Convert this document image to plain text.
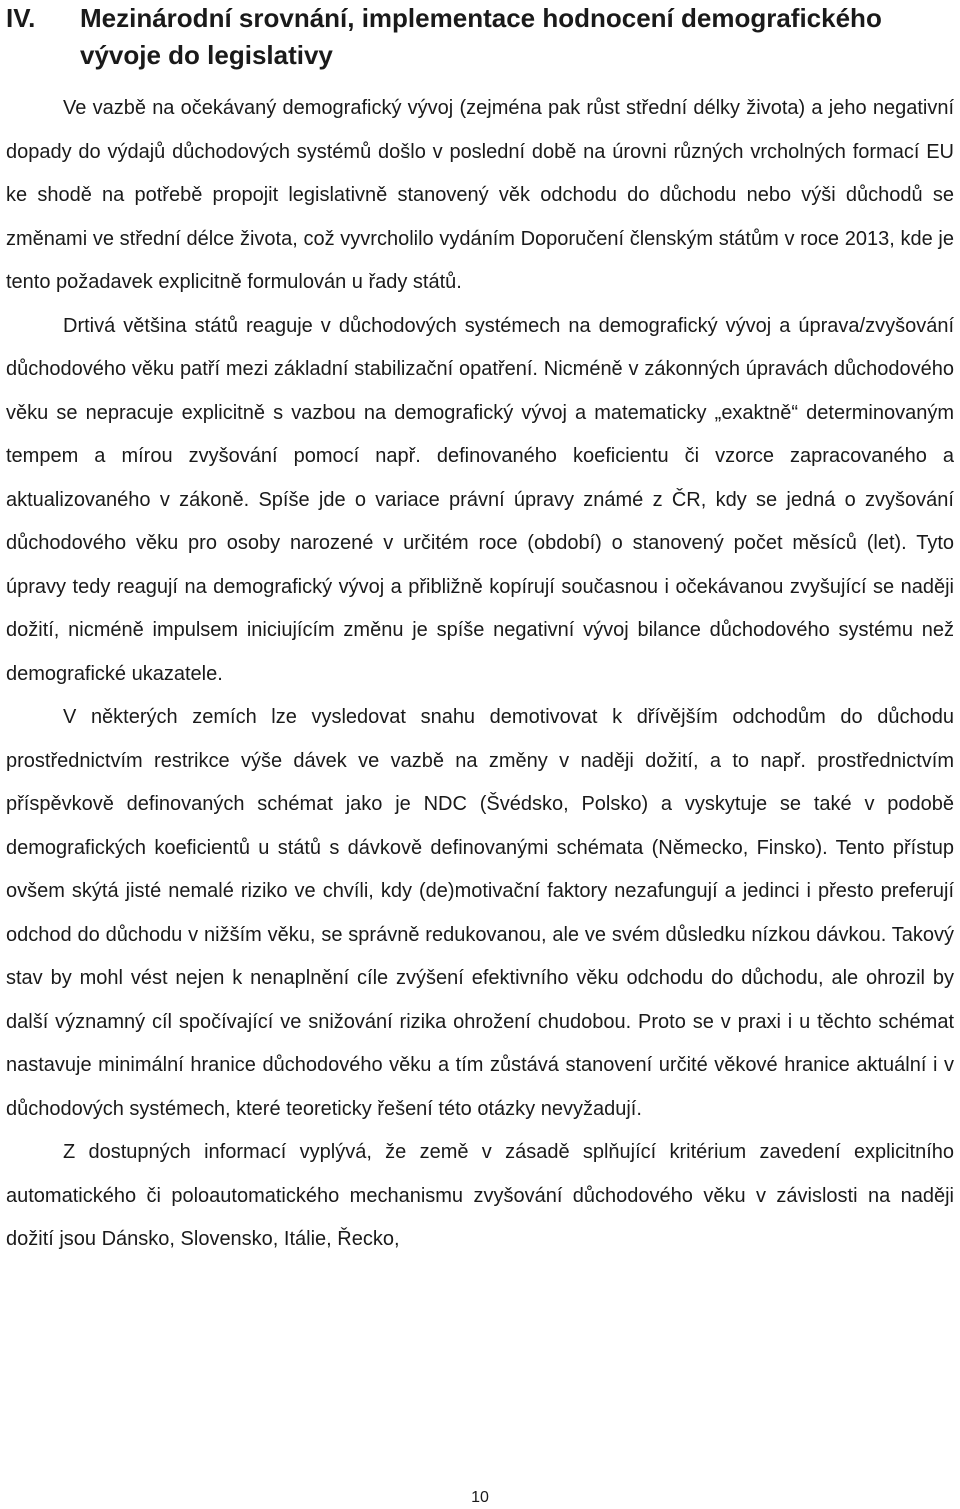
IV.	Mezinárodní srovnání, implementace hodnocení demografického vývoje do legislativy

Ve vazbě na očekávaný demografický vývoj (zejména pak růst střední délky života) a jeho negativní dopady do výdajů důchodových systémů došlo v poslední době na úrovni různých vrcholných formací EU ke shodě na potřebě propojit legislativně stanovený věk odchodu do důchodu nebo výši důchodů se změnami ve střední délce života, což vyvrcholilo vydáním Doporučení členským státům v roce 2013, kde je tento požadavek explicitně formulován u řady států.

Drtivá většina států reaguje v důchodových systémech na demografický vývoj a úprava/zvyšování důchodového věku patří mezi základní stabilizační opatření. Nicméně v zákonných úpravách důchodového věku se nepracuje explicitně s vazbou na demografický vývoj a matematicky „exaktně“ determinovaným tempem a mírou zvyšování pomocí např. definovaného koeficientu či vzorce zapracovaného a aktualizovaného v zákoně. Spíše jde o variace právní úpravy známé z ČR, kdy se jedná o zvyšování důchodového věku pro osoby narozené v určitém roce (období) o stanovený počet měsíců (let). Tyto úpravy tedy reagují na demografický vývoj a přibližně kopírují současnou i očekávanou zvyšující se naději dožití, nicméně impulsem iniciujícím změnu je spíše negativní vývoj bilance důchodového systému než demografické ukazatele.

V některých zemích lze vysledovat snahu demotivovat k dřívějším odchodům do důchodu prostřednictvím restrikce výše dávek ve vazbě na změny v naději dožití, a to např. prostřednictvím příspěvkově definovaných schémat jako je NDC (Švédsko, Polsko) a vyskytuje se také v podobě demografických koeficientů u států s dávkově definovanými schémata (Německo, Finsko). Tento přístup ovšem skýtá jisté nemalé riziko ve chvíli, kdy (de)motivační faktory nezafungují a jedinci i přesto preferují odchod do důchodu v nižším věku, se správně redukovanou, ale ve svém důsledku nízkou dávkou. Takový stav by mohl vést nejen k nenaplnění cíle zvýšení efektivního věku odchodu do důchodu, ale ohrozil by další významný cíl spočívající ve snižování rizika ohrožení chudobou. Proto se v praxi i u těchto schémat nastavuje minimální hranice důchodového věku a tím zůstává stanovení určité věkové hranice aktuální i v důchodových systémech, které teoreticky řešení této otázky nevyžadují.

Z dostupných informací vyplývá, že země v zásadě splňující kritérium zavedení explicitního automatického či poloautomatického mechanismu zvyšování důchodového věku v závislosti na naději dožití jsou Dánsko, Slovensko, Itálie, Řecko,

10
